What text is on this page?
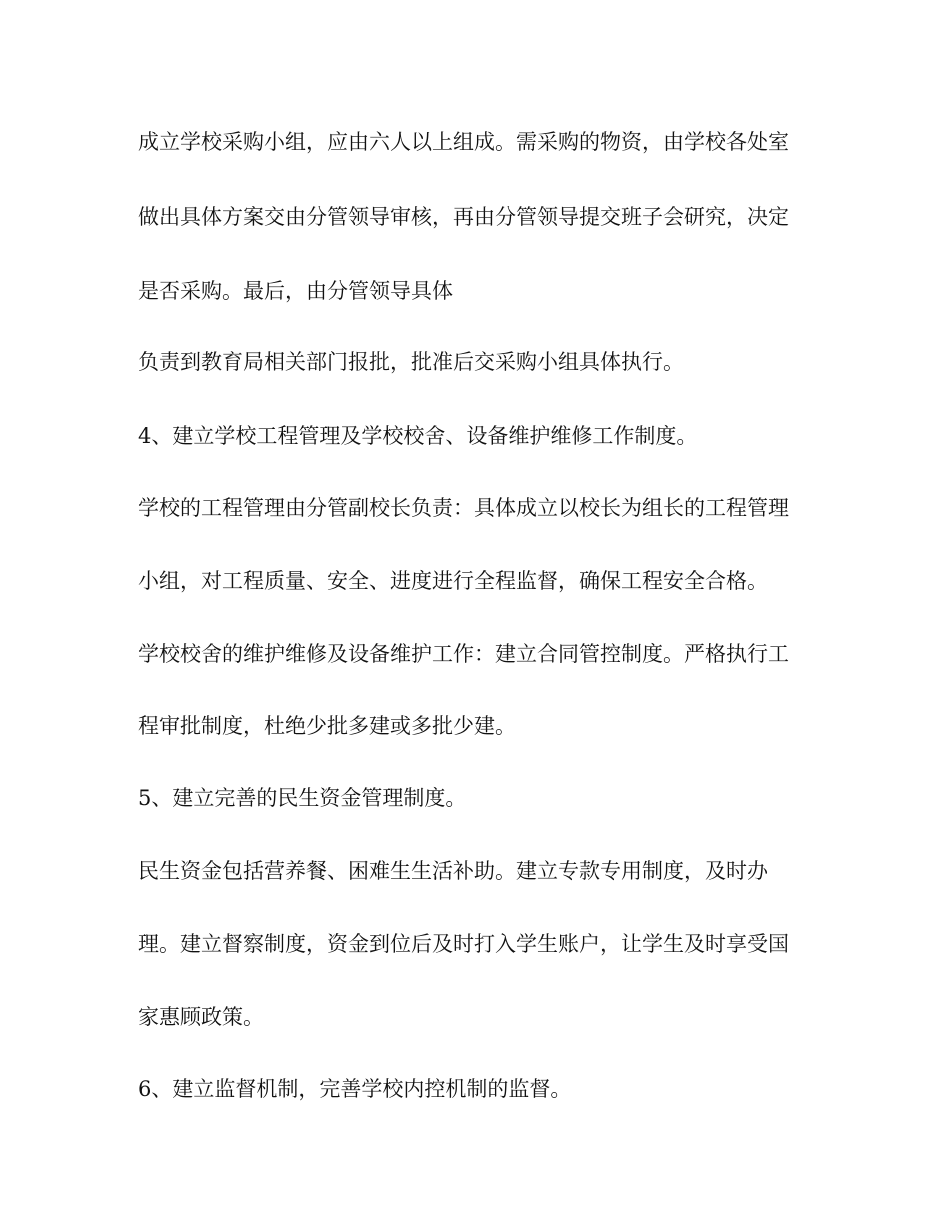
成立学校采购小组，应由六人以上组成。需采购的物资，由学校各处室
做出具体方案交由分管领导审核，再由分管领导提交班子会研究，决定
是否采购。最后，由分管领导具体
负责到教育局相关部门报批，批准后交采购小组具体执行。
4、建立学校工程管理及学校校舍、设备维护维修工作制度。
学校的工程管理由分管副校长负责：具体成立以校长为组长的工程管理
小组，对工程质量、安全、进度进行全程监督，确保工程安全合格。
学校校舍的维护维修及设备维护工作：建立合同管控制度。严格执行工
程审批制度，杜绝少批多建或多批少建。
5、建立完善的民生资金管理制度。
民生资金包括营养餐、困难生生活补助。建立专款专用制度，及时办
理。建立督察制度，资金到位后及时打入学生账户，让学生及时享受国
家惠顾政策。
6、建立监督机制，完善学校内控机制的监督。
